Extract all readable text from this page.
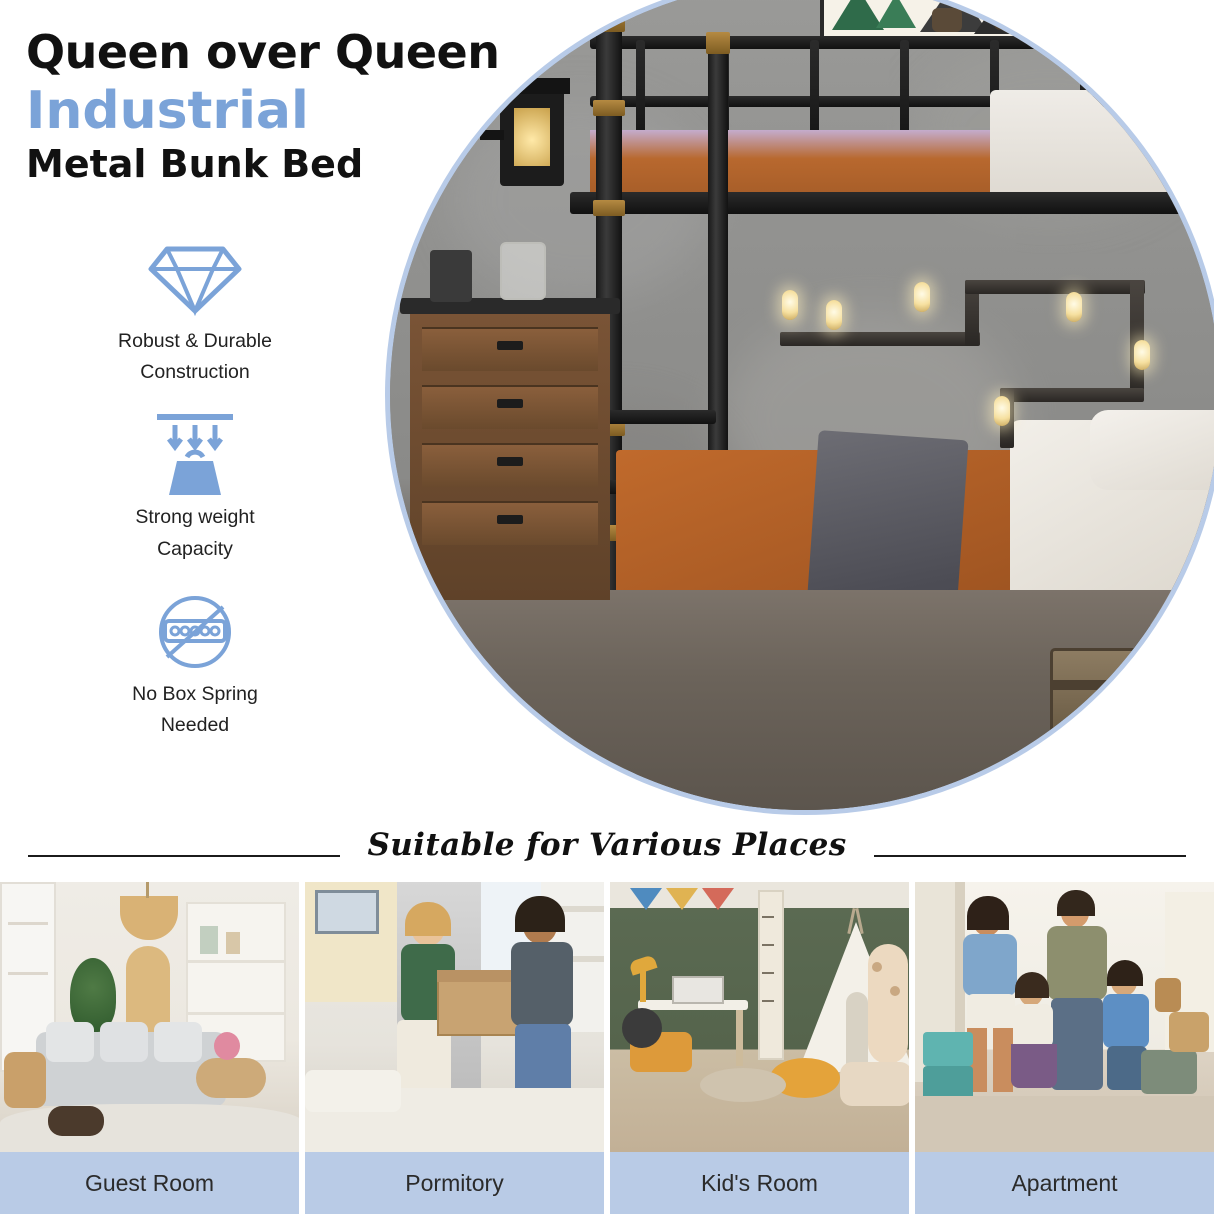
Queen over Queen
Industrial
Metal Bunk Bed
Robust & Durable
Construction
Strong weight
Capacity
No Box Spring
Needed
Suitable for Various Places
Guest Room	Pormitory	Kid's Room	Apartment
